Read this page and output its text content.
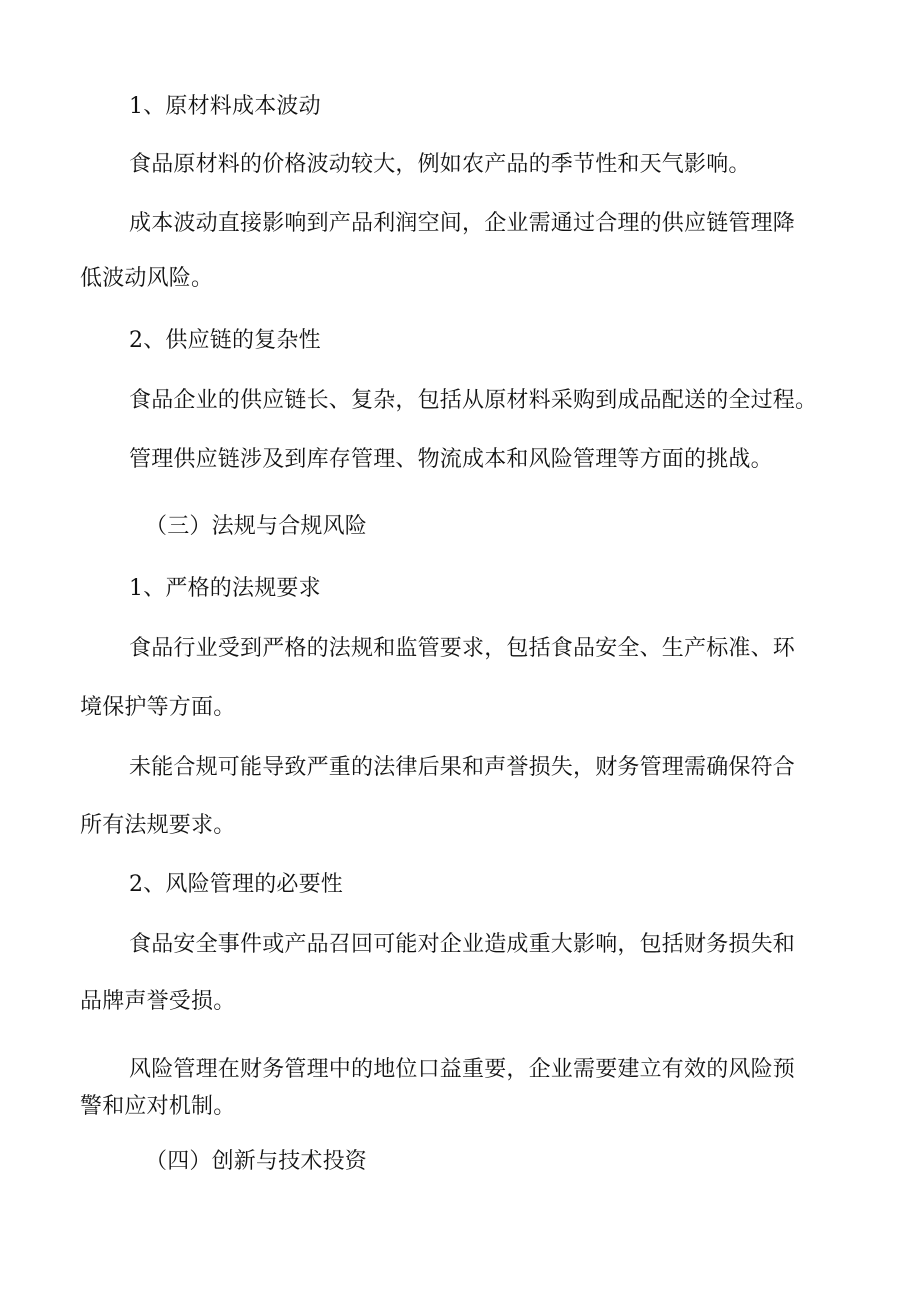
1、原材料成本波动
食品原材料的价格波动较大，例如农产品的季节性和天气影响。
成本波动直接影响到产品利润空间，企业需通过合理的供应链管理降
低波动风险。
2、供应链的复杂性
食品企业的供应链长、复杂，包括从原材料采购到成品配送的全过程。
管理供应链涉及到库存管理、物流成本和风险管理等方面的挑战。
（三）法规与合规风险
1、严格的法规要求
食品行业受到严格的法规和监管要求，包括食品安全、生产标准、环
境保护等方面。
未能合规可能导致严重的法律后果和声誉损失，财务管理需确保符合
所有法规要求。
2、风险管理的必要性
食品安全事件或产品召回可能对企业造成重大影响，包括财务损失和
品牌声誉受损。
风险管理在财务管理中的地位口益重要，企业需要建立有效的风险预
警和应对机制。
（四）创新与技术投资
